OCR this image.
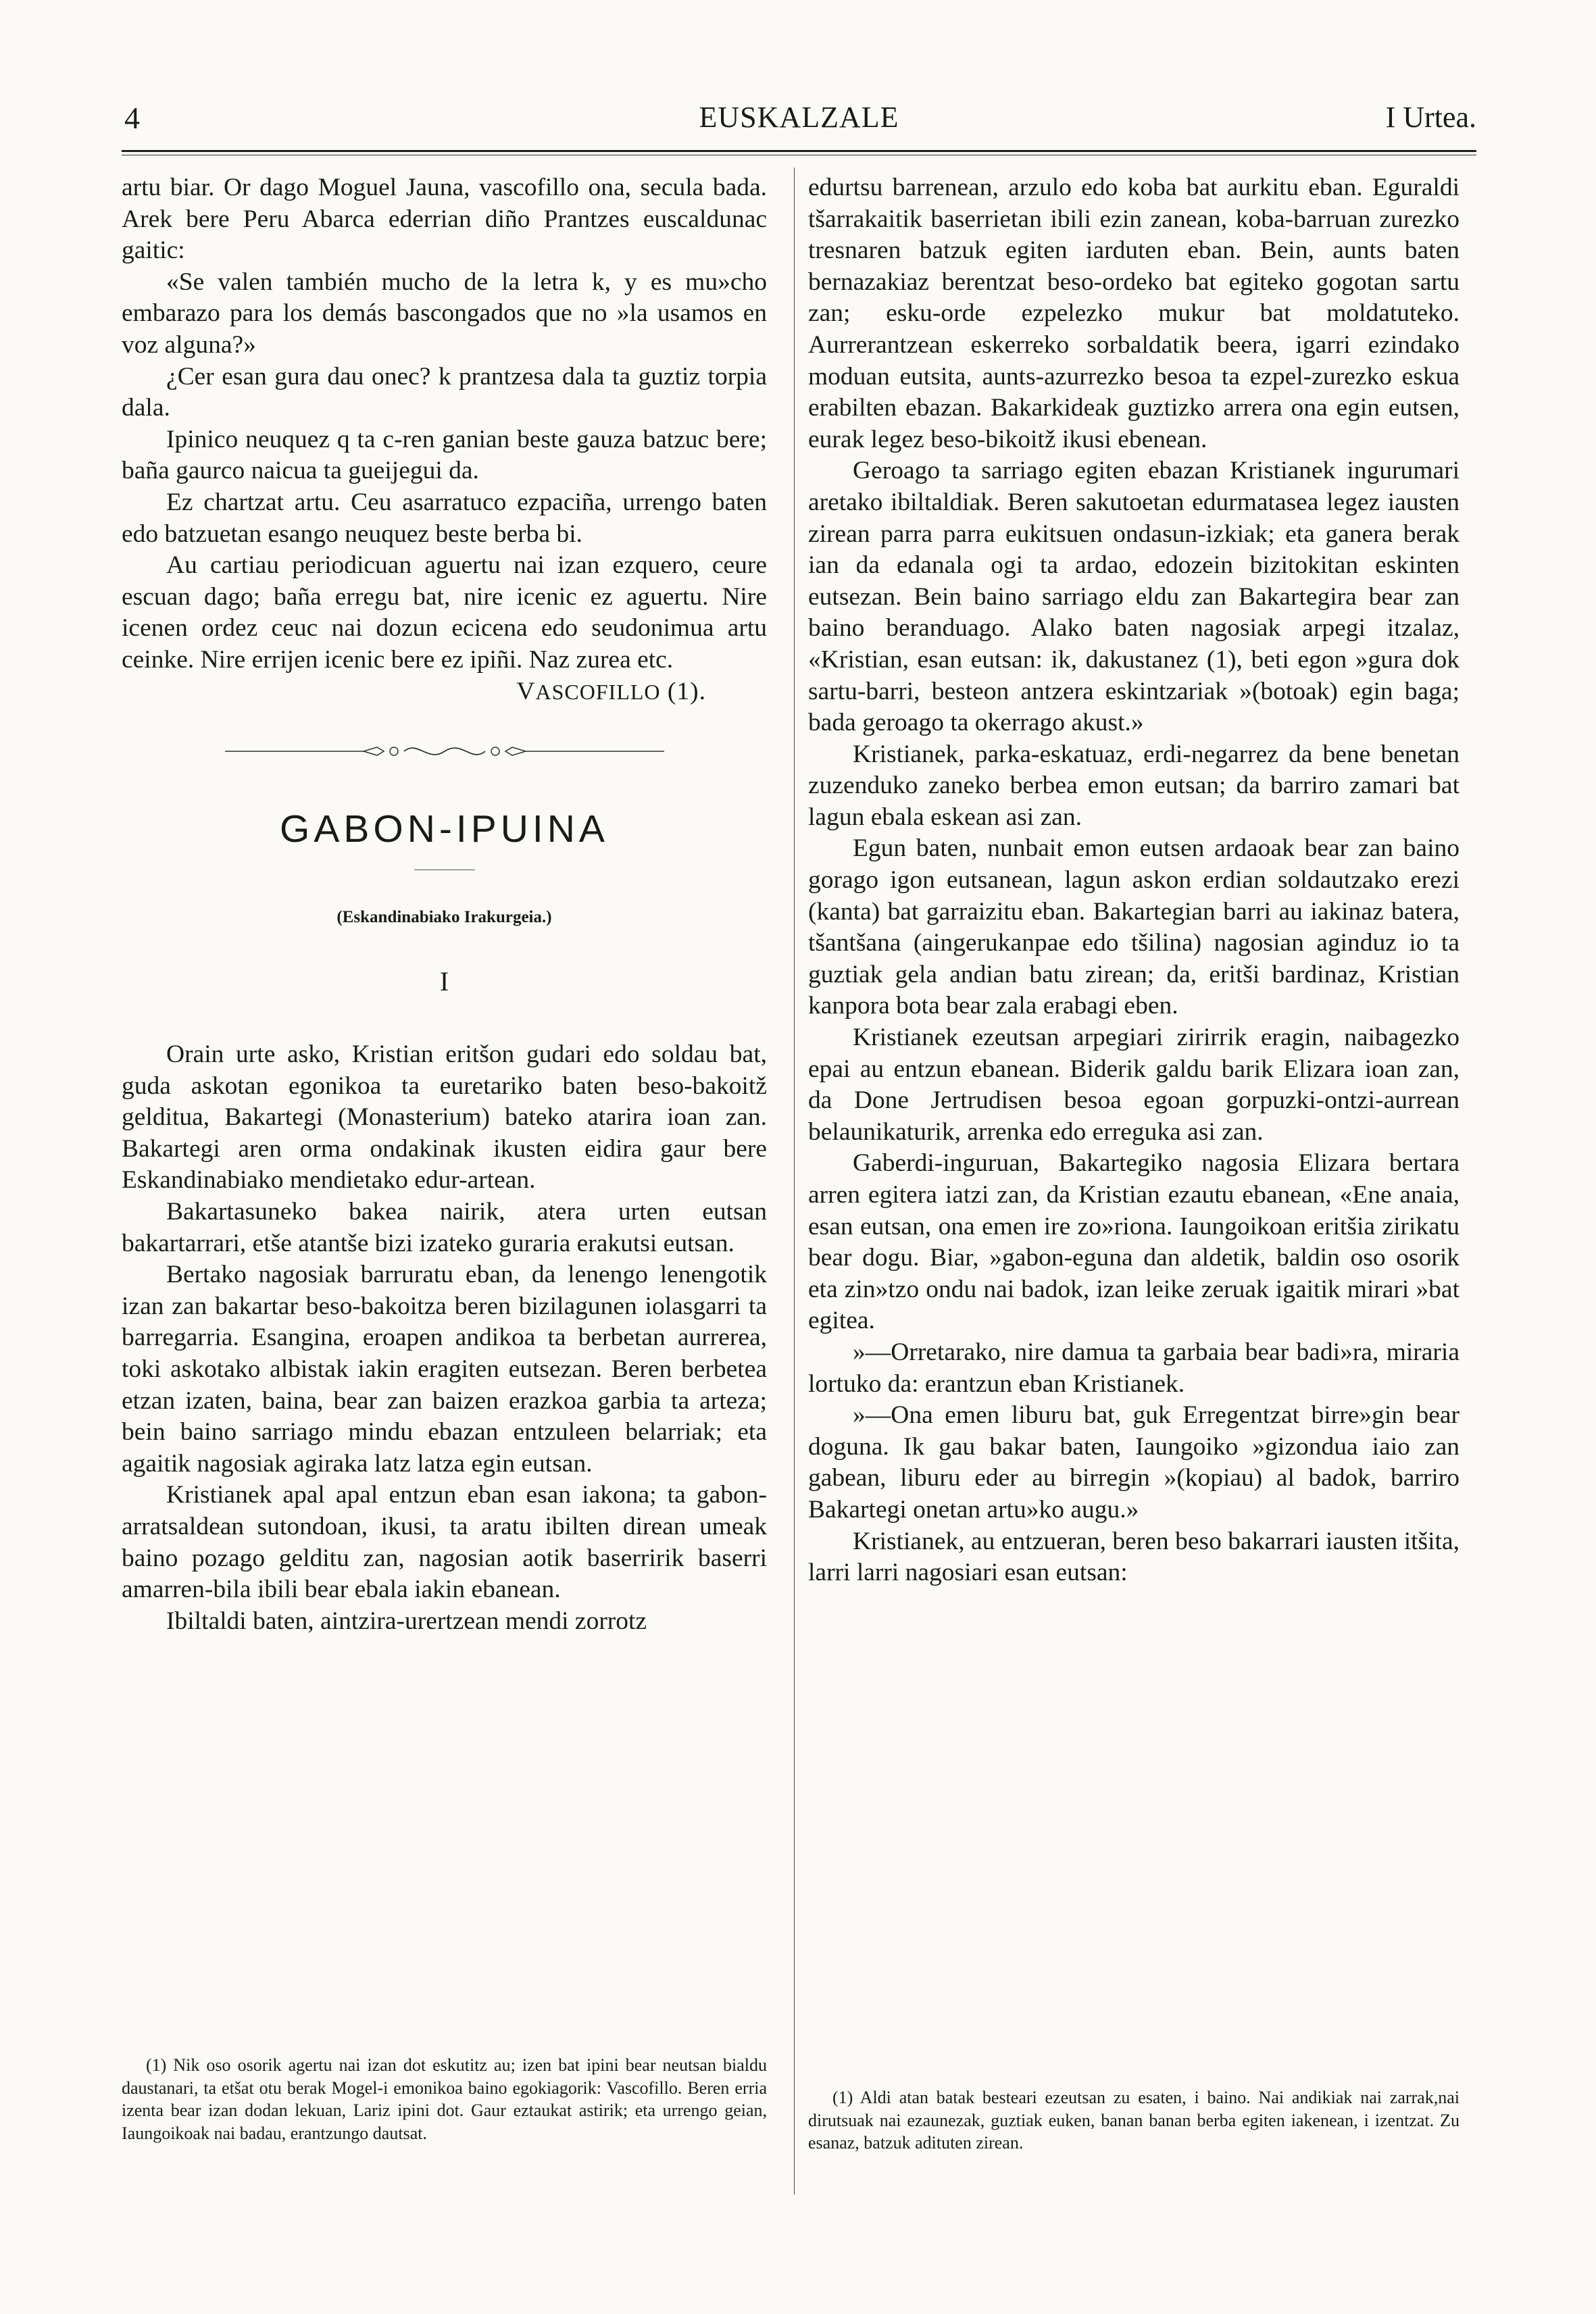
4	EUSKALZALE	I Urtea.

artu biar. Or dago Moguel Jauna, vascofillo ona, secula bada. Arek bere Peru Abarca ederrian diño Prantzes euscaldunac gaitic:

«Se valen también mucho de la letra k, y es mu»cho embarazo para los demás bascongados que no »la usamos en voz alguna?»

¿Cer esan gura dau onec? k prantzesa dala ta guztiz torpia dala.

Ipinico neuquez q ta c-ren ganian beste gauza batzuc bere; baña gaurco naicua ta gueijegui da.

Ez chartzat artu. Ceu asarratuco ezpaciña, urrengo baten edo batzuetan esango neuquez beste berba bi.

Au cartiau periodicuan aguertu nai izan ezquero, ceure escuan dago; baña erregu bat, nire icenic ez aguertu. Nire icenen ordez ceuc nai dozun ecicena edo seudonimua artu ceinke. Nire errijen icenic bere ez ipiñi. Naz zurea etc.

VASCOFILLO (1).

GABON-IPUINA
(Eskandinabiako Irakurgeia.)
I

Orain urte asko, Kristian eritšon gudari edo soldau bat, guda askotan egonikoa ta euretariko baten beso-bakoitž gelditua, Bakartegi (Monasterium) bateko atarira ioan zan. Bakartegi aren orma ondakinak ikusten eidira gaur bere Eskandinabiako mendietako edur-artean.

Bakartasuneko bakea nairik, atera urten eutsan bakartarrari, etše atantše bizi izateko guraria erakutsi eutsan.

Bertako nagosiak barruratu eban, da lenengo lenengotik izan zan bakartar beso-bakoitza beren bizilagunen iolasgarri ta barregarria. Esangina, eroapen andikoa ta berbetan aurrerea, toki askotako albistak iakin eragiten eutsezan. Beren berbetea etzan izaten, baina, bear zan baizen erazkoa garbia ta arteza; bein baino sarriago mindu ebazan entzuleen belarriak; eta agaitik nagosiak agiraka latz latza egin eutsan.

Kristianek apal apal entzun eban esan iakona; ta gabon-arratsaldean sutondoan, ikusi, ta aratu ibilten direan umeak baino pozago gelditu zan, nagosian aotik baserririk baserri amarren-bila ibili bear ebala iakin ebanean.

Ibiltaldi baten, aintzira-urertzean mendi zorrotz

edurtsu barrenean, arzulo edo koba bat aurkitu eban. Eguraldi tšarrakaitik baserrietan ibili ezin zanean, koba-barruan zurezko tresnaren batzuk egiten iarduten eban. Bein, aunts baten bernazakiaz berentzat beso-ordeko bat egiteko gogotan sartu zan; esku-orde ezpelezko mukur bat moldatuteko. Aurrerantzean eskerreko sorbaldatik beera, igarri ezindako moduan eutsita, aunts-azurrezko besoa ta ezpel-zurezko eskua erabilten ebazan. Bakarkideak guztizko arrera ona egin eutsen, eurak legez beso-bikoitž ikusi ebenean.

Geroago ta sarriago egiten ebazan Kristianek ingurumari aretako ibiltaldiak. Beren sakutoetan edurmatasea legez iausten zirean parra parra eukitsuen ondasun-izkiak; eta ganera berak ian da edanala ogi ta ardao, edozein bizitokitan eskinten eutsezan. Bein baino sarriago eldu zan Bakartegira bear zan baino beranduago. Alako baten nagosiak arpegi itzalaz, «Kristian, esan eutsan: ik, dakustanez (1), beti egon »gura dok sartu-barri, besteon antzera eskintzariak »(botoak) egin baga; bada geroago ta okerrago akust.»

Kristianek, parka-eskatuaz, erdi-negarrez da bene benetan zuzenduko zaneko berbea emon eutsan; da barriro zamari bat lagun ebala eskean asi zan.

Egun baten, nunbait emon eutsen ardaoak bear zan baino gorago igon eutsanean, lagun askon erdian soldautzako erezi (kanta) bat garraizitu eban. Bakartegian barri au iakinaz batera, tšantšana (aingerukanpae edo tšilina) nagosian aginduz io ta guztiak gela andian batu zirean; da, eritši bardinaz, Kristian kanpora bota bear zala erabagi eben.

Kristianek ezeutsan arpegiari zirirrik eragin, naibagezko epai au entzun ebanean. Biderik galdu barik Elizara ioan zan, da Done Jertrudisen besoa egoan gorpuzki-ontzi-aurrean belaunikaturik, arrenka edo erreguka asi zan.

Gaberdi-inguruan, Bakartegiko nagosia Elizara bertara arren egitera iatzi zan, da Kristian ezautu ebanean, «Ene anaia, esan eutsan, ona emen ire zo»riona. Iaungoikoan eritšia zirikatu bear dogu. Biar, »gabon-eguna dan aldetik, baldin oso osorik eta zin»tzo ondu nai badok, izan leike zeruak igaitik mirari »bat egitea.

»—Orretarako, nire damua ta garbaia bear badi»ra, miraria lortuko da: erantzun eban Kristianek.

»—Ona emen liburu bat, guk Erregentzat birre»gin bear doguna. Ik gau bakar baten, Iaungoiko »gizondua iaio zan gabean, liburu eder au birregin »(kopiau) al badok, barriro Bakartegi onetan artu»ko augu.»

Kristianek, au entzueran, beren beso bakarrari iausten itšita, larri larri nagosiari esan eutsan:

(1) Nik oso osorik agertu nai izan dot eskutitz au; izen bat ipini bear neutsan bialdu daustanari, ta etšat otu berak Mogel-i emonikoa baino egokiagorik: Vascofillo. Beren erria izenta bear izan dodan lekuan, Lariz ipini dot. Gaur eztaukat astirik; eta urrengo geian, Iaungoikoak nai badau, erantzungo dautsat.

(1) Aldi atan batak besteari ezeutsan zu esaten, i baino. Nai andikiak nai zarrak,nai dirutsuak nai ezaunezak, guztiak euken, banan banan berba egiten iakenean, i izentzat. Zu esanaz, batzuk adituten zirean.
